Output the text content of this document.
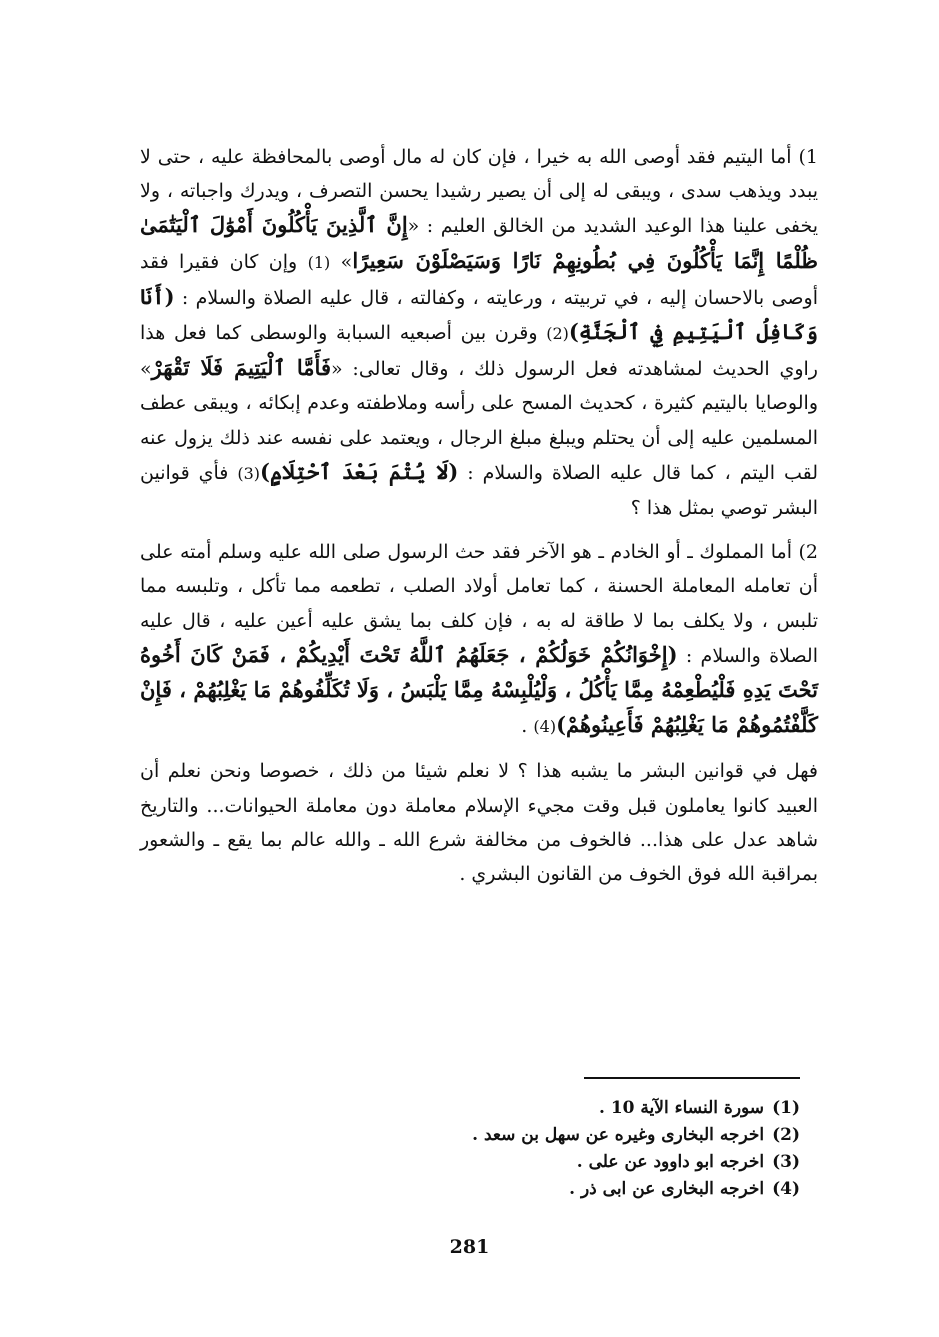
1) أما اليتيم فقد أوصى الله به خيرا ، فإن كان له مال أوصى بالمحافظة عليه ، حتى لا يبدد ويذهب سدى ، ويبقى له إلى أن يصير رشيدا يحسن التصرف ، ويدرك واجباته ، ولا يخفى علينا هذا الوعيد الشديد من الخالق العليم : «إِنَّ ٱلَّذِينَ يَأْكُلُونَ أَمْوَٰلَ ٱلْيَتَٰمَىٰ ظُلْمًا إِنَّمَا يَأْكُلُونَ فِي بُطُونِهِمْ نَارًا وَسَيَصْلَوْنَ سَعِيرًا» (1) وإن كان فقيرا فقد أوصى بالاحسان إليه ، في تربيته ، ورعايته ، وكفالته ، قال عليه الصلاة والسلام : (أَنَا وَكَافِلُ ٱلْيَتِيمِ فِي ٱلْجَنَّةِ)(2) وقرن بين أصبعيه السبابة والوسطى كما فعل هذا راوي الحديث لمشاهدته فعل الرسول ذلك ، وقال تعالى: «فَأَمَّا ٱلْيَتِيمَ فَلَا تَقْهَرْ» والوصايا باليتيم كثيرة ، كحديث المسح على رأسه وملاطفته وعدم إبكائه ، ويبقى عطف المسلمين عليه إلى أن يحتلم ويبلغ مبلغ الرجال ، ويعتمد على نفسه عند ذلك يزول عنه لقب اليتم ، كما قال عليه الصلاة والسلام : (لَا يُتْمَ بَعْدَ ٱحْتِلَامٍ)(3) فأي قوانين البشر توصي بمثل هذا ؟

2) أما المملوك ـ أو الخادم ـ هو الآخر فقد حث الرسول صلى الله عليه وسلم أمته على أن تعامله المعاملة الحسنة ، كما تعامل أولاد الصلب ، تطعمه مما تأكل ، وتلبسه مما تلبس ، ولا يكلف بما لا طاقة له به ، فإن كلف بما يشق عليه أعين عليه ، قال عليه الصلاة والسلام : (إِخْوَانُكُمْ خَوَلُكُمْ ، جَعَلَهُمُ ٱللَّهُ تَحْتَ أَيْدِيكُمْ ، فَمَنْ كَانَ أَخُوهُ تَحْتَ يَدِهِ فَلْيُطْعِمْهُ مِمَّا يَأْكُلُ ، وَلْيُلْبِسْهُ مِمَّا يَلْبَسُ ، وَلَا تُكَلِّفُوهُمْ مَا يَغْلِبُهُمْ ، فَإِنْ كَلَّفْتُمُوهُمْ مَا يَغْلِبُهُمْ فَأَعِينُوهُمْ)(4) .

فهل في قوانين البشر ما يشبه هذا ؟ لا نعلم شيئا من ذلك ، خصوصا ونحن نعلم أن العبيد كانوا يعاملون قبل وقت مجيء الإسلام معاملة دون معاملة الحيوانات... والتاريخ شاهد عدل على هذا... فالخوف من مخالفة شرع الله ـ والله عالم بما يقع ـ والشعور بمراقبة الله فوق الخوف من القانون البشري .

(1)سورة النساء الآية 10 .
(2)اخرجه البخارى وغيره عن سهل بن سعد .
(3)اخرجه ابو داوود عن على .
(4)اخرجه البخارى عن ابى ذر .
281
